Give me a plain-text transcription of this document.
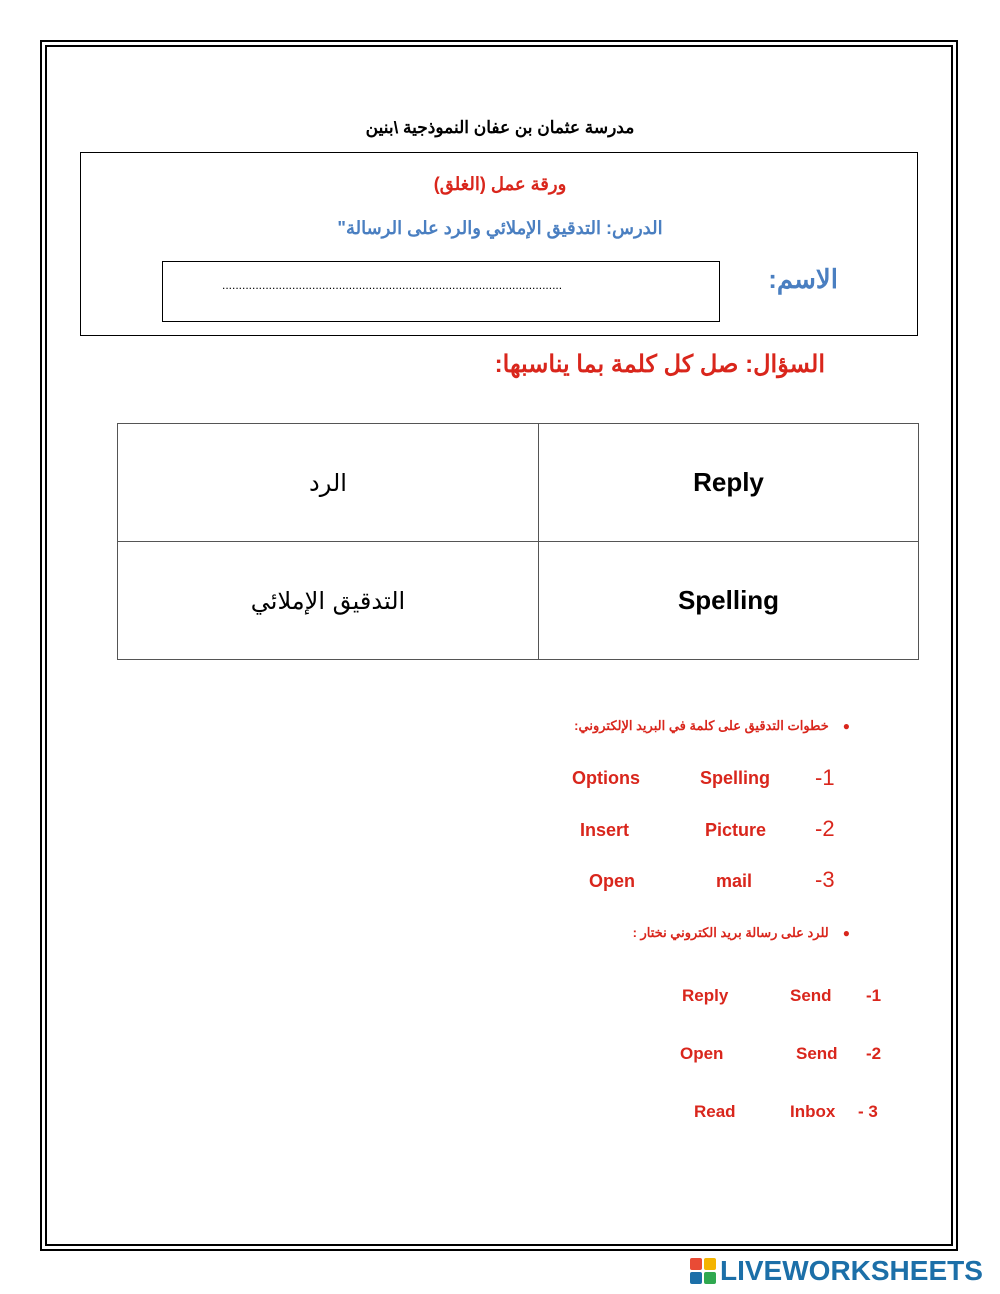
مدرسة عثمان بن عفان النموذجية \بنين
ورقة عمل (الغلق)
الدرس: التدقيق الإملائي والرد على الرسالة"
الاسم:
......................................................................................................
السؤال: صل كل كلمة بما يناسبها:
الرد	Reply
التدقيق الإملائي	Spelling
●خطوات التدقيق على كلمة في البريد الإلكتروني:
Options	Spelling -1
Insert	Picture -2
Open	mail	-3
●للرد على رسالة بريد الكتروني نختار :
Reply	Send -1
Open	Send -2
Read	Inbox - 3
LIVEWORKSHEETS
